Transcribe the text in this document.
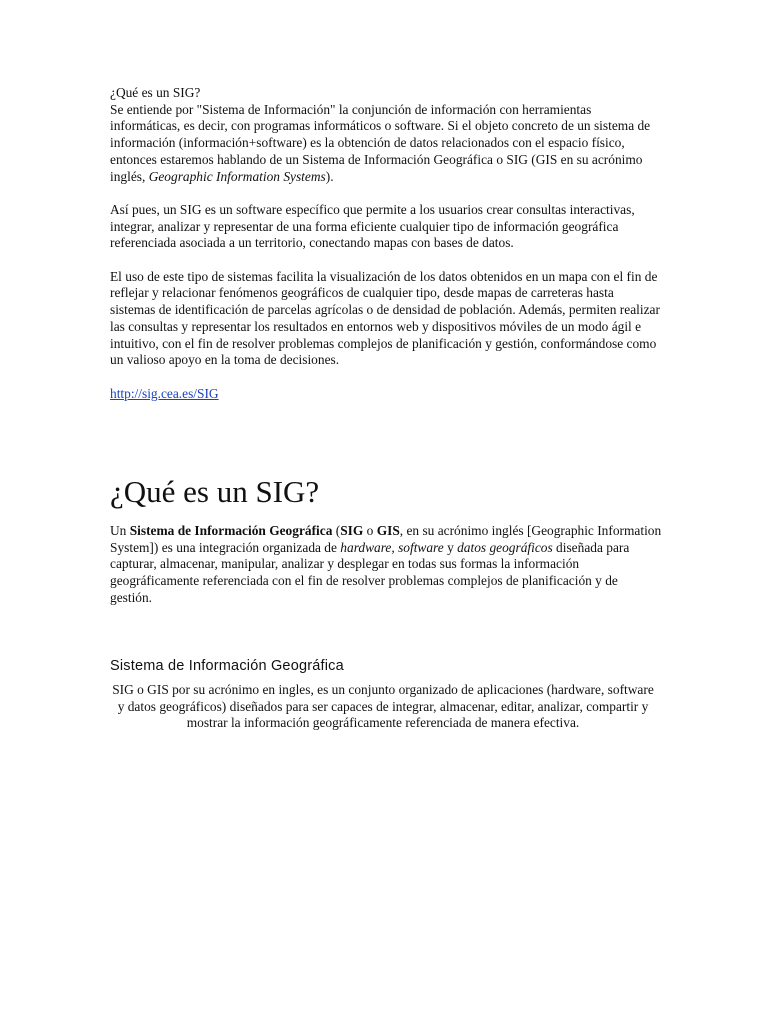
¿Qué es un SIG?

Se entiende por "Sistema de Información" la conjunción de información con herramientas informáticas, es decir, con programas informáticos o software. Si el objeto concreto de un sistema de información (información+software) es la obtención de datos relacionados con el espacio físico, entonces estaremos hablando de un Sistema de Información Geográfica o SIG (GIS en su acrónimo inglés, Geographic Information Systems).

Así pues, un SIG es un software específico que permite a los usuarios crear consultas interactivas, integrar, analizar y representar de una forma eficiente cualquier tipo de información geográfica referenciada asociada a un territorio, conectando mapas con bases de datos.

El uso de este tipo de sistemas facilita la visualización de los datos obtenidos en un mapa con el fin de reflejar y relacionar fenómenos geográficos de cualquier tipo, desde mapas de carreteras hasta sistemas de identificación de parcelas agrícolas o de densidad de población. Además, permiten realizar las consultas y representar los resultados en entornos web y dispositivos móviles de un modo ágil e intuitivo, con el fin de resolver problemas complejos de planificación y gestión, conformándose como un valioso apoyo en la toma de decisiones.

http://sig.cea.es/SIG

¿Qué es un SIG?

Un Sistema de Información Geográfica (SIG o GIS, en su acrónimo inglés [Geographic Information System]) es una integración organizada de hardware, software y datos geográficos diseñada para capturar, almacenar, manipular, analizar y desplegar en todas sus formas la información geográficamente referenciada con el fin de resolver problemas complejos de planificación y de gestión.

Sistema de Información Geográfica

SIG o GIS por su acrónimo en ingles, es un conjunto organizado de aplicaciones (hardware, software y datos geográficos) diseñados para ser capaces de integrar, almacenar, editar, analizar, compartir y mostrar la información geográficamente referenciada de manera efectiva.
